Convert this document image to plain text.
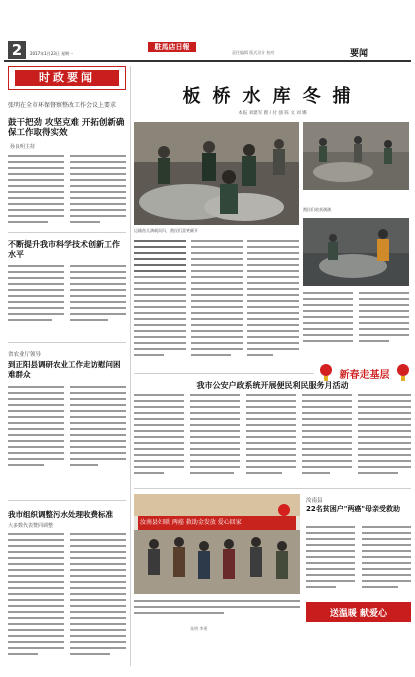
2	2017年1月23日 星期一
駐馬店日報
责任编辑 版式设计 校对	要闻
时政要闻
张明在全市环保督察整改工作会议上要求
鼓干把劲 攻坚克难 开拓创新确保工作取得实效
孙良明主持
不断提升我市科学技术创新工作水平
省农业厅领导
到正阳县调研农业工作走访慰问困难群众
我市组织调整污水处理收费标准
大多数代表赞同调整
板桥水库冬捕
本报 刘建军 摄 / 付 强 陈 文 刘 娜
运输鱼儿满载而归，渔民们喜笑颜开
渔民们收获满满
新春走基层
我市公安户政系统开展便民利民服务月活动
汝南县
22名贫困户"两癌"母亲受救助
汝南县妇联 两癌 救助金发放 爱心回家
送温暖 献爱心
张明 李勇
